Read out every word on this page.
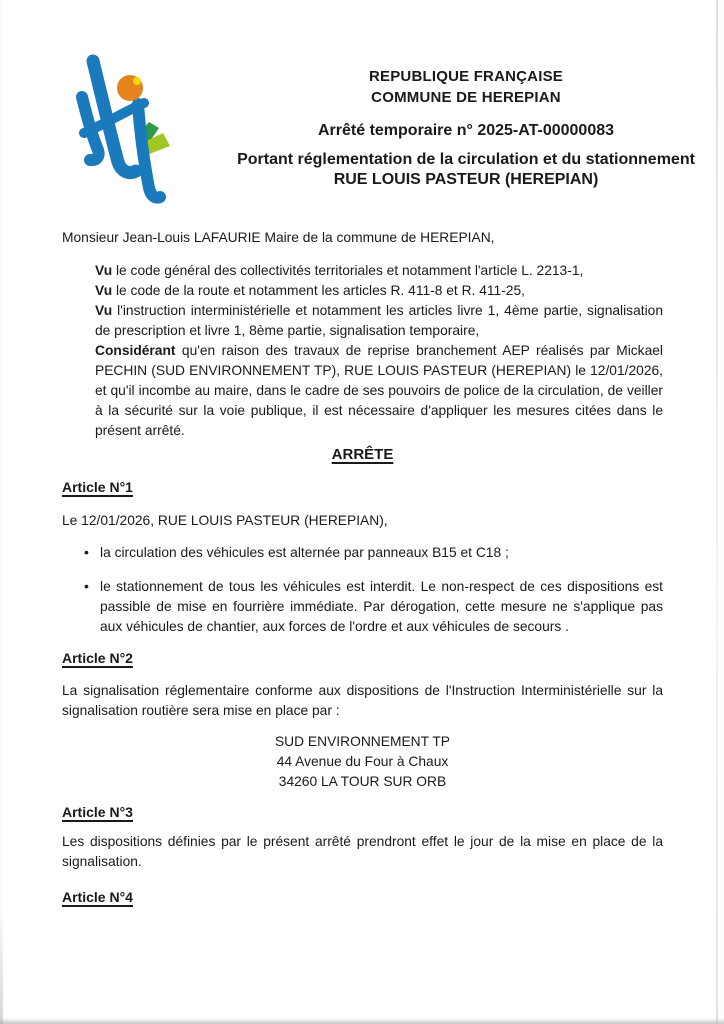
REPUBLIQUE FRANÇAISE
COMMUNE DE HEREPIAN
Arrêté temporaire n° 2025-AT-00000083
Portant réglementation de la circulation et du stationnement
RUE LOUIS PASTEUR (HEREPIAN)

Monsieur Jean-Louis LAFAURIE Maire de la commune de HEREPIAN,

Vu le code général des collectivités territoriales et notamment l'article L. 2213-1,

Vu le code de la route et notamment les articles R. 411-8 et R. 411-25,

Vu l'instruction interministérielle et notamment les articles livre 1, 4ème partie, signalisation de prescription et livre 1, 8ème partie, signalisation temporaire,

Considérant qu'en raison des travaux de reprise branchement AEP réalisés par Mickael PECHIN (SUD ENVIRONNEMENT TP), RUE LOUIS PASTEUR (HEREPIAN) le 12/01/2026, et qu'il incombe au maire, dans le cadre de ses pouvoirs de police de la circulation, de veiller à la sécurité sur la voie publique, il est nécessaire d'appliquer les mesures citées dans le présent arrêté.

ARRÊTE
Article N°1

Le 12/01/2026, RUE LOUIS PASTEUR (HEREPIAN),

• la circulation des véhicules est alternée par panneaux B15 et C18 ;
• le stationnement de tous les véhicules est interdit. Le non-respect de ces dispositions est passible de mise en fourrière immédiate. Par dérogation, cette mesure ne s'applique pas aux véhicules de chantier, aux forces de l'ordre et aux véhicules de secours .
Article N°2

La signalisation réglementaire conforme aux dispositions de l'Instruction Interministérielle sur la signalisation routière sera mise en place par :

SUD ENVIRONNEMENT TP
44 Avenue du Four à Chaux
34260 LA TOUR SUR ORB
Article N°3

Les dispositions définies par le présent arrêté prendront effet le jour de la mise en place de la signalisation.

Article N°4
